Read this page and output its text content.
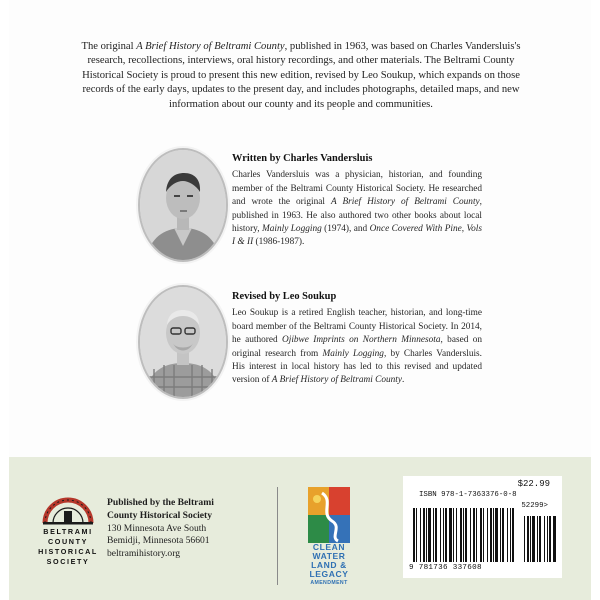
The original A Brief History of Beltrami County, published in 1963, was based on Charles Vandersluis's research, recollections, interviews, oral history recordings, and other materials. The Beltrami County Historical Society is proud to present this new edition, revised by Leo Soukup, which expands on those records of the early days, updates to the present day, and includes photographs, detailed maps, and new information about our county and its people and communities.
Written by Charles Vandersluis

Charles Vandersluis was a physician, historian, and founding member of the Beltrami County Historical Society. He researched and wrote the original A Brief History of Beltrami County, published in 1963. He also authored two other books about local history, Mainly Logging (1974), and Once Covered With Pine, Vols I & II (1986-1987).

Revised by Leo Soukup

Leo Soukup is a retired English teacher, historian, and long-time board member of the Beltrami County Historical Society. In 2014, he authored Ojibwe Imprints on Northern Minnesota, based on original research from Mainly Logging, by Charles Vandersluis. His interest in local history has led to this revised and updated version of A Brief History of Beltrami County.

BELTRAMI
COUNTY
HISTORICAL
SOCIETY
Published by the Beltrami
County Historical Society
130 Minnesota Ave South
Bemidji, Minnesota 56601
beltramihistory.org
CLEAN WATER
LAND & LEGACY
AMENDMENT
$22.99
ISBN 978-1-7363376-0-8
52299>
9 781736 337608
